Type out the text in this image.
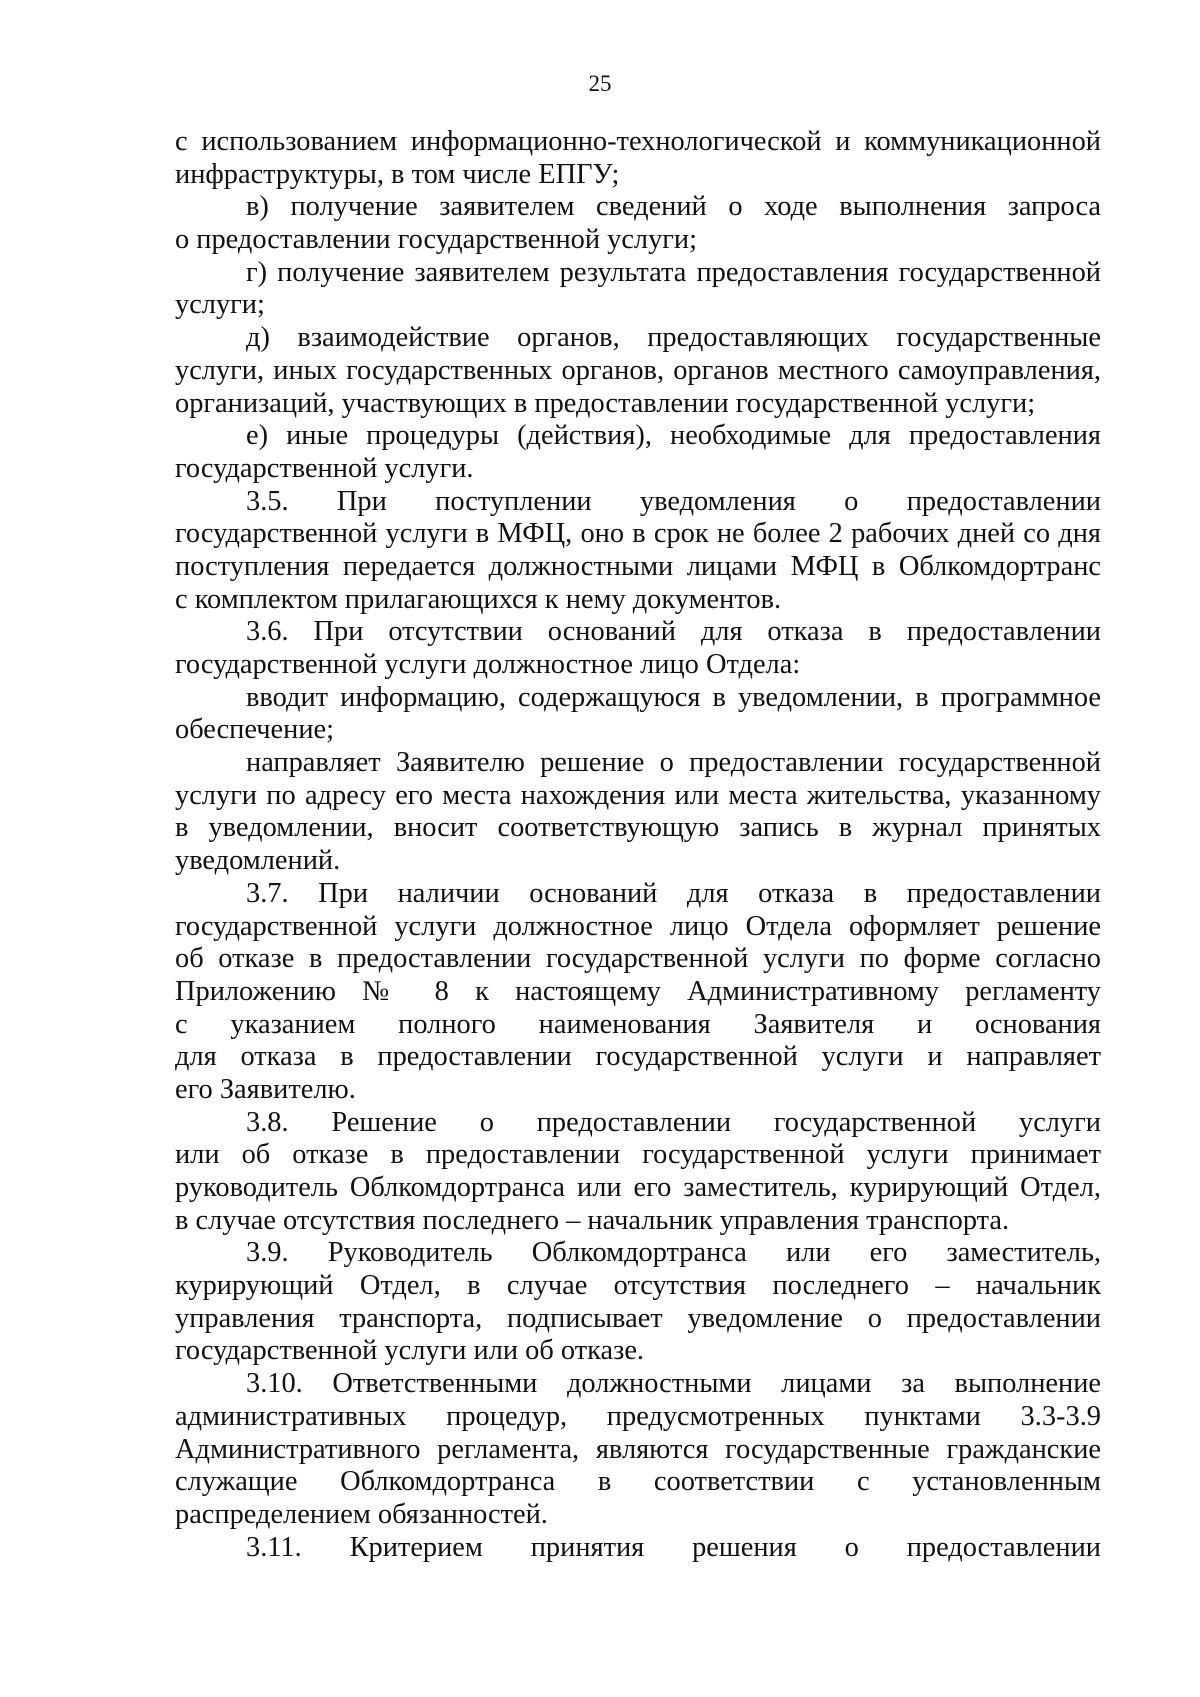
25
с использованием информационно-технологической и коммуникационной
инфраструктуры, в том числе ЕПГУ;
в) получение заявителем сведений о ходе выполнения запроса
о предоставлении государственной услуги;
г) получение заявителем результата предоставления государственной
услуги;
д) взаимодействие органов, предоставляющих государственные
услуги, иных государственных органов, органов местного самоуправления,
организаций, участвующих в предоставлении государственной услуги;
е) иные процедуры (действия), необходимые для предоставления
государственной услуги.
3.5. При поступлении уведомления о предоставлении
государственной услуги в МФЦ, оно в срок не более 2 рабочих дней со дня
поступления передается должностными лицами МФЦ в Облкомдортранс
с комплектом прилагающихся к нему документов.
3.6. При отсутствии оснований для отказа в предоставлении
государственной услуги должностное лицо Отдела:
вводит информацию, содержащуюся в уведомлении, в программное
обеспечение;
направляет Заявителю решение о предоставлении государственной
услуги по адресу его места нахождения или места жительства, указанному
в уведомлении, вносит соответствующую запись в журнал принятых
уведомлений.
3.7. При наличии оснований для отказа в предоставлении
государственной услуги должностное лицо Отдела оформляет решение
об отказе в предоставлении государственной услуги по форме согласно
Приложению № 8 к настоящему Административному регламенту
с указанием полного наименования Заявителя и основания
для отказа в предоставлении государственной услуги и направляет
его Заявителю.
3.8. Решение о предоставлении государственной услуги
или об отказе в предоставлении государственной услуги принимает
руководитель Облкомдортранса или его заместитель, курирующий Отдел,
в случае отсутствия последнего – начальник управления транспорта.
3.9. Руководитель Облкомдортранса или его заместитель,
курирующий Отдел, в случае отсутствия последнего – начальник
управления транспорта, подписывает уведомление о предоставлении
государственной услуги или об отказе.
3.10. Ответственными должностными лицами за выполнение
административных процедур, предусмотренных пунктами 3.3-3.9
Административного регламента, являются государственные гражданские
служащие Облкомдортранса в соответствии с установленным
распределением обязанностей.
3.11. Критерием принятия решения о предоставлении
